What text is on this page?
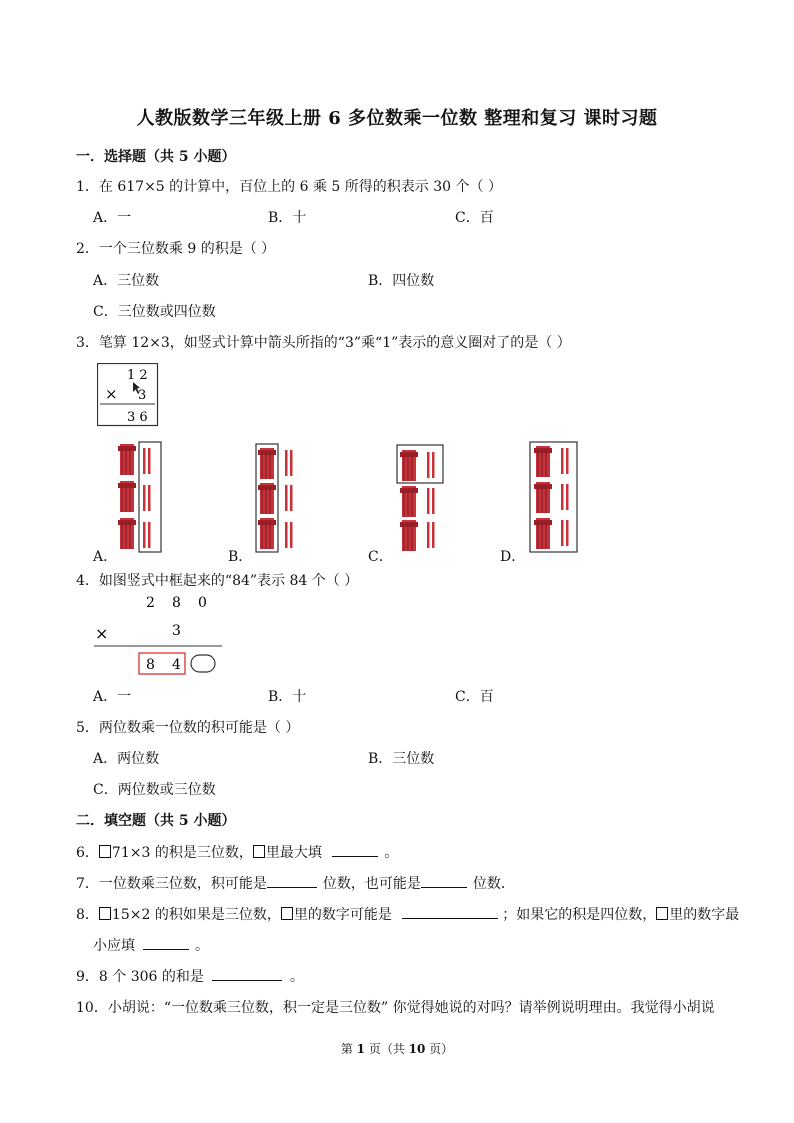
人教版数学三年级上册 6 多位数乘一位数 整理和复习 课时习题
一．选择题（共 5 小题）
1．在 617×5 的计算中，百位上的 6 乘 5 所得的积表示 30 个（ ）
A．一	B．十	C．百
2．一个三位数乘 9 的积是（ ）
A．三位数	B．四位数
C．三位数或四位数
3．笔算 12×3，如竖式计算中箭头所指的“3”乘“1”表示的意义圈对了的是（ ）
1 2
× 3
3 6
A．	B．	C．	D．
4．如图竖式中框起来的“84”表示 84 个（ ）
2 8 0
×	3
8 4
A．一	B．十	C．百
5．两位数乘一位数的积可能是（ ）
A．两位数	B．三位数
C．两位数或三位数
二．填空题（共 5 小题）
6． 71×3 的积是三位数， 里最大填	。
7．一位数乘三位数，积可能是	位数，也可能是	位数．
8． 15×2 的积如果是三位数， 里的数字可能是	；如果它的积是四位数， 里的数字最
小应填	。
9．8 个 306 的和是	。
10．小胡说：“一位数乘三位数，积一定是三位数” 你觉得她说的对吗？请举例说明理由。我觉得小胡说
第 1 页（共 10 页）
